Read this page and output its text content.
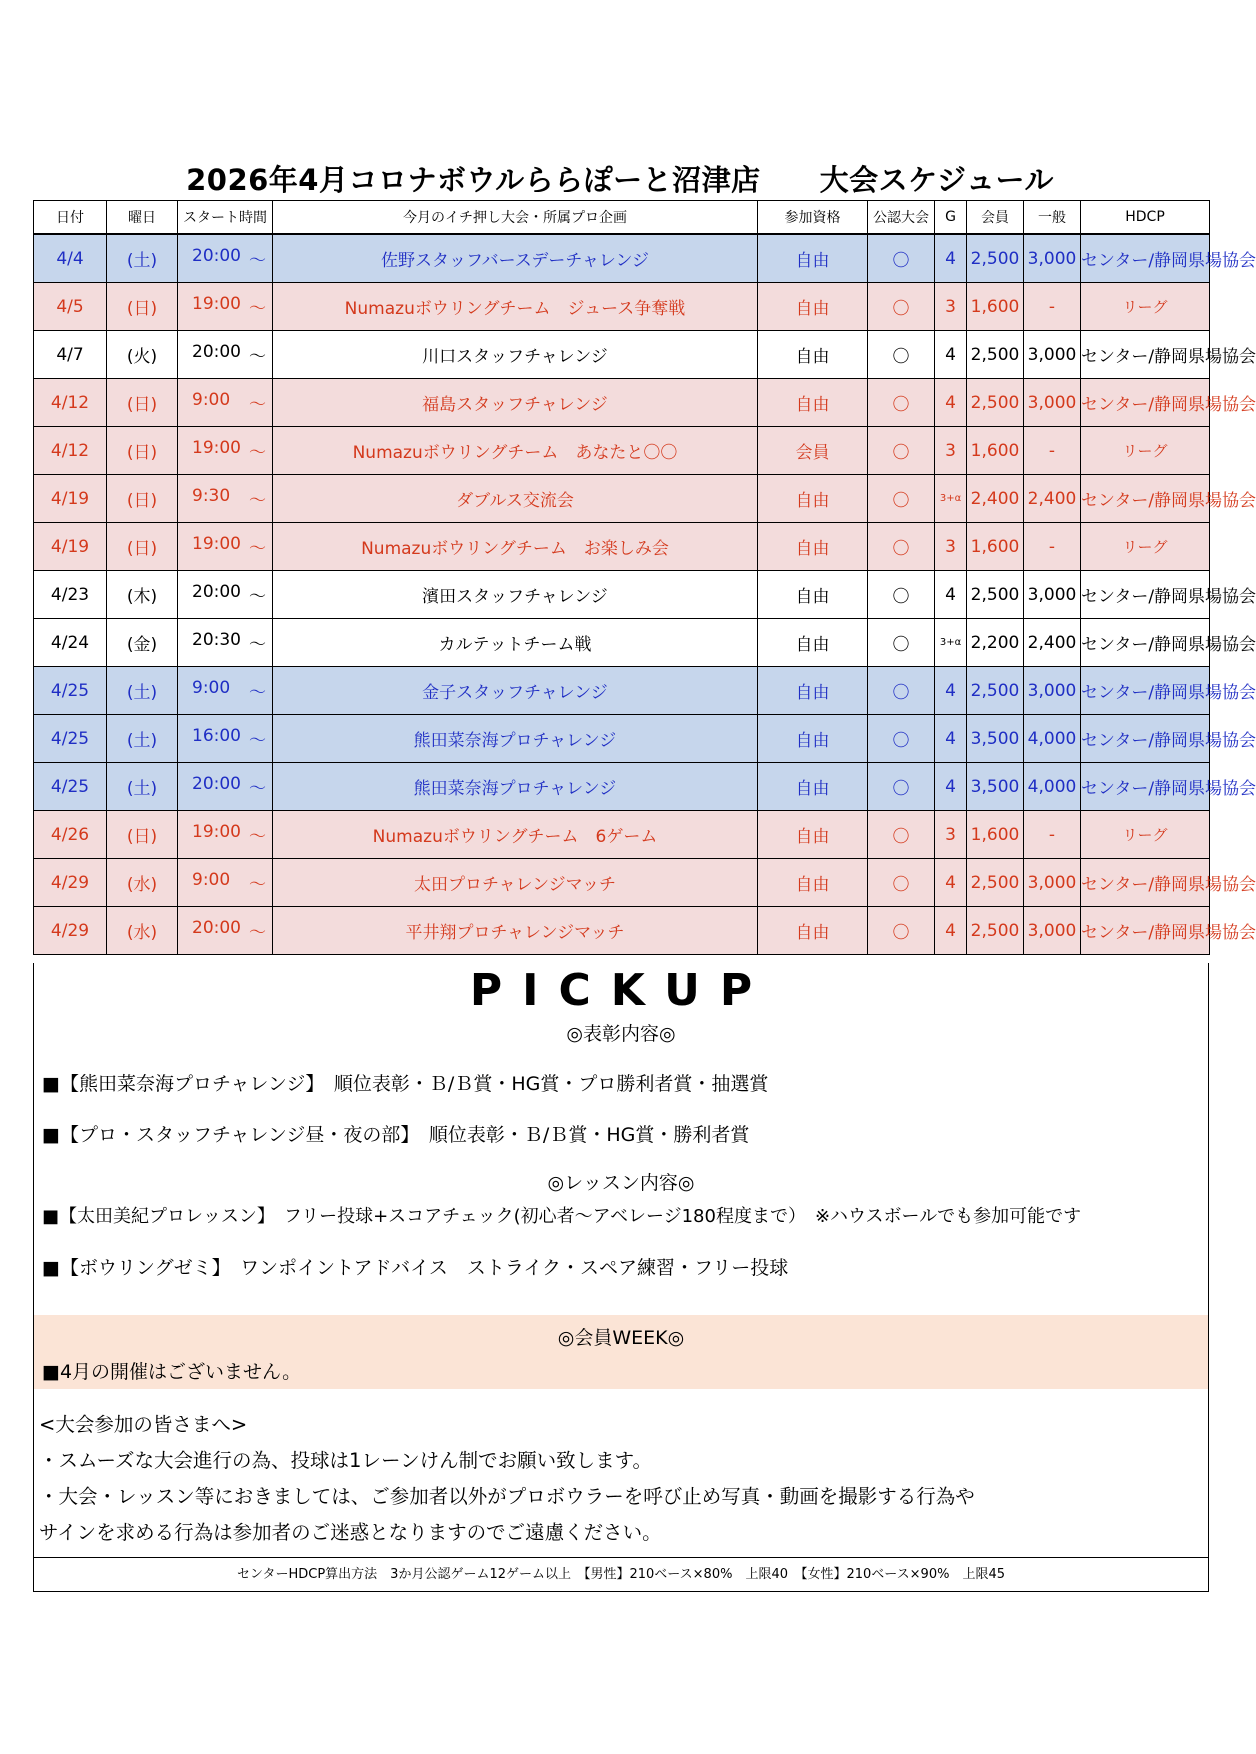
2026年4月コロナボウルららぽーと沼津店　　大会スケジュール
日付	曜日	スタート時間	今月のイチ押し大会・所属プロ企画	参加資格	公認大会	G	会員	一般	HDCP
4/4	(土)	20:00 ～	佐野スタッフバースデーチャレンジ	自由	〇	4	2,500	3,000	センター/静岡県場協会
4/5	(日)	19:00 ～	Numazuボウリングチーム　ジュース争奪戦	自由	〇	3	1,600	-	リーグ
4/7	(火)	20:00 ～	川口スタッフチャレンジ	自由	〇	4	2,500	3,000	センター/静岡県場協会
4/12	(日)	9:00 ～	福島スタッフチャレンジ	自由	〇	4	2,500	3,000	センター/静岡県場協会
4/12	(日)	19:00 ～	Numazuボウリングチーム　あなたと〇〇	会員	〇	3	1,600	-	リーグ
4/19	(日)	9:30 ～	ダブルス交流会	自由	〇	3+α	2,400	2,400	センター/静岡県場協会
4/19	(日)	19:00 ～	Numazuボウリングチーム　お楽しみ会	自由	〇	3	1,600	-	リーグ
4/23	(木)	20:00 ～	濱田スタッフチャレンジ	自由	〇	4	2,500	3,000	センター/静岡県場協会
4/24	(金)	20:30 ～	カルテットチーム戦	自由	〇	3+α	2,200	2,400	センター/静岡県場協会
4/25	(土)	9:00 ～	金子スタッフチャレンジ	自由	〇	4	2,500	3,000	センター/静岡県場協会
4/25	(土)	16:00 ～	熊田菜奈海プロチャレンジ	自由	〇	4	3,500	4,000	センター/静岡県場協会
4/25	(土)	20:00 ～	熊田菜奈海プロチャレンジ	自由	〇	4	3,500	4,000	センター/静岡県場協会
4/26	(日)	19:00 ～	Numazuボウリングチーム　6ゲーム	自由	〇	3	1,600	-	リーグ
4/29	(水)	9:00 ～	太田プロチャレンジマッチ	自由	〇	4	2,500	3,000	センター/静岡県場協会
4/29	(水)	20:00 ～	平井翔プロチャレンジマッチ	自由	〇	4	2,500	3,000	センター/静岡県場協会
PICKUP
◎表彰内容◎
■【熊田菜奈海プロチャレンジ】　順位表彰・Ｂ/Ｂ賞・HG賞・プロ勝利者賞・抽選賞
■【プロ・スタッフチャレンジ昼・夜の部】　順位表彰・Ｂ/Ｂ賞・HG賞・勝利者賞
◎レッスン内容◎
■【太田美紀プロレッスン】　フリー投球+スコアチェック(初心者～アベレージ180程度まで）　※ハウスボールでも参加可能です
■【ボウリングゼミ】　ワンポイントアドバイス　ストライク・スペア練習・フリー投球
◎会員WEEK◎
■4月の開催はございません。
<大会参加の皆さまへ>
・スムーズな大会進行の為、投球は1レーンけん制でお願い致します。
・大会・レッスン等におきましては、ご参加者以外がプロボウラーを呼び止め写真・動画を撮影する行為や
サインを求める行為は参加者のご迷惑となりますのでご遠慮ください。
センターHDCP算出方法　3か月公認ゲーム12ゲーム以上　【男性】210ベース×80%　上限40　【女性】210ベース×90%　上限45
